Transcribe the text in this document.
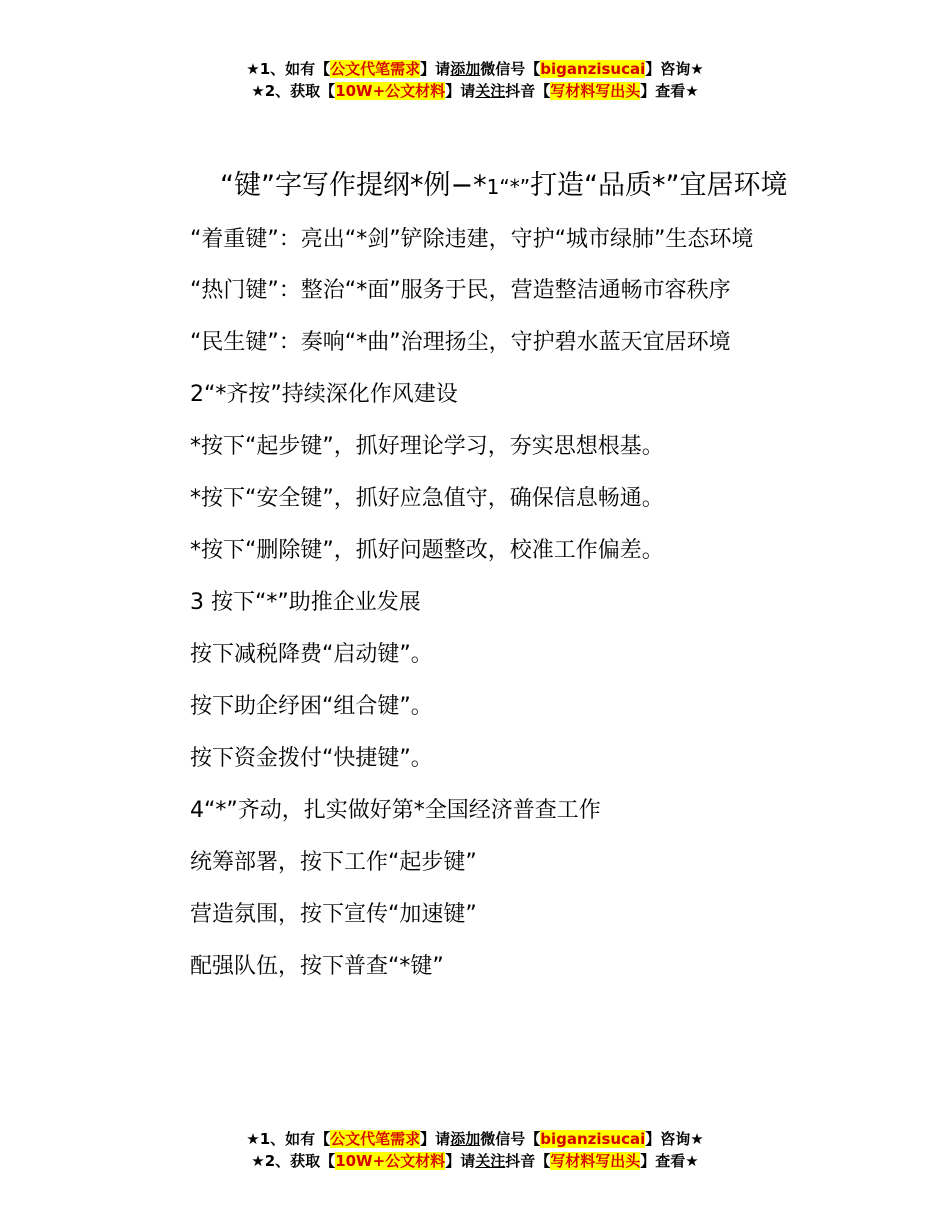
★1、如有【公文代笔需求】请添加微信号【biganzisucai】咨询★
★2、获取【10W+公文材料】请关注抖音【写材料写出头】查看★
“键”字写作提纲*例−*1“*”打造“品质*”宜居环境

“着重键”：亮出“*剑”铲除违建，守护“城市绿肺”生态环境

“热门键”：整治“*面”服务于民，营造整洁通畅市容秩序

“民生键”：奏响“*曲”治理扬尘，守护碧水蓝天宜居环境

2“*齐按”持续深化作风建设

*按下“起步键”，抓好理论学习，夯实思想根基。

*按下“安全键”，抓好应急值守，确保信息畅通。

*按下“删除键”，抓好问题整改，校准工作偏差。

3 按下“*”助推企业发展

按下减税降费“启动键”。

按下助企纾困“组合键”。

按下资金拨付“快捷键”。

4“*”齐动，扎实做好第*全国经济普查工作

统筹部署，按下工作“起步键”

营造氛围，按下宣传“加速键”

配强队伍，按下普查“*键”

★1、如有【公文代笔需求】请添加微信号【biganzisucai】咨询★
★2、获取【10W+公文材料】请关注抖音【写材料写出头】查看★
